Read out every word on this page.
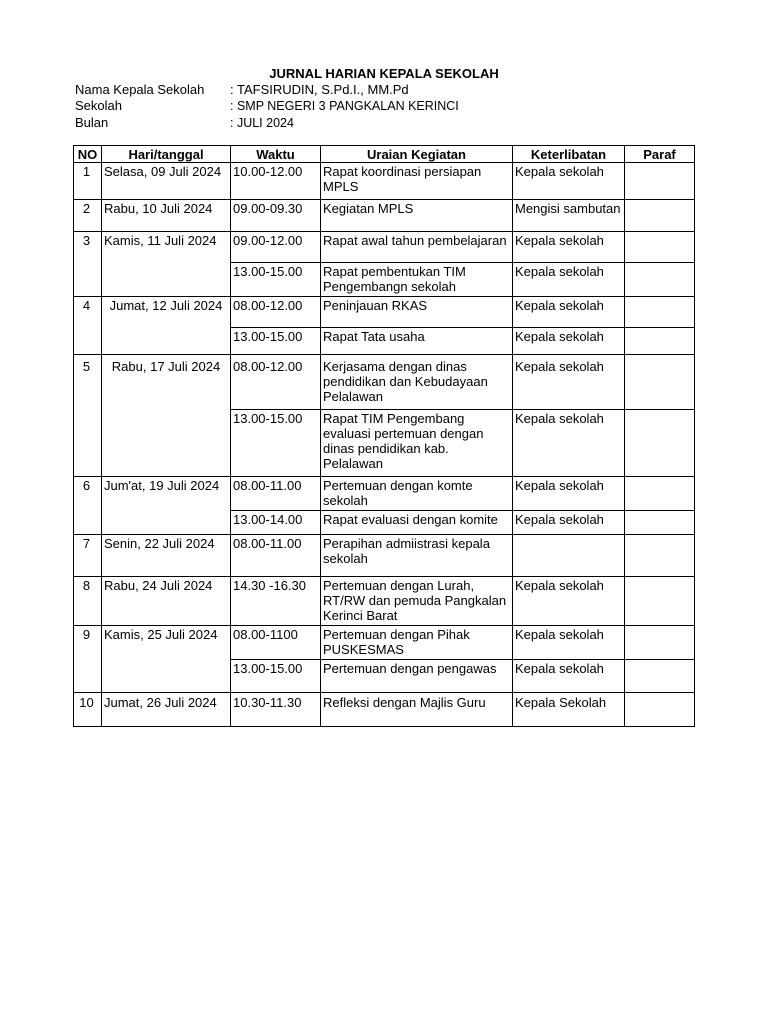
JURNAL HARIAN KEPALA SEKOLAH
Nama Kepala Sekolah : TAFSIRUDIN, S.Pd.I., MM.Pd
Sekolah	: SMP NEGERI 3 PANGKALAN KERINCI
Bulan	: JULI 2024
NO	Hari/tanggal	Waktu	Uraian Kegiatan	Keterlibatan	Paraf
1	Selasa, 09 Juli 2024	10.00-12.00	Rapat koordinasi persiapan MPLS	Kepala sekolah	
2	Rabu, 10 Juli 2024	09.00-09.30	Kegiatan MPLS	Mengisi sambutan	
3	Kamis, 11 Juli 2024	09.00-12.00	Rapat awal tahun pembelajaran	Kepala sekolah	
		13.00-15.00	Rapat pembentukan TIM Pengembangn sekolah	Kepala sekolah	
4	Jumat, 12 Juli 2024	08.00-12.00	Peninjauan RKAS	Kepala sekolah	
		13.00-15.00	Rapat Tata usaha	Kepala sekolah	
5	Rabu, 17 Juli 2024	08.00-12.00	Kerjasama dengan dinas pendidikan dan Kebudayaan Pelalawan	Kepala sekolah	
		13.00-15.00	Rapat TIM Pengembang evaluasi pertemuan dengan dinas pendidikan kab. Pelalawan	Kepala sekolah	
6	Jum'at, 19 Juli 2024	08.00-11.00	Pertemuan dengan komte sekolah	Kepala sekolah	
		13.00-14.00	Rapat evaluasi dengan komite	Kepala sekolah	
7	Senin, 22 Juli 2024	08.00-11.00	Perapihan admiistrasi kepala sekolah		
8	Rabu, 24 Juli 2024	14.30 -16.30	Pertemuan dengan Lurah, RT/RW dan pemuda Pangkalan Kerinci Barat	Kepala sekolah	
9	Kamis, 25 Juli 2024	08.00-1100	Pertemuan dengan Pihak PUSKESMAS	Kepala sekolah	
		13.00-15.00	Pertemuan dengan pengawas	Kepala sekolah	
10	Jumat, 26 Juli 2024	10.30-11.30	Refleksi dengan Majlis Guru	Kepala Sekolah	
